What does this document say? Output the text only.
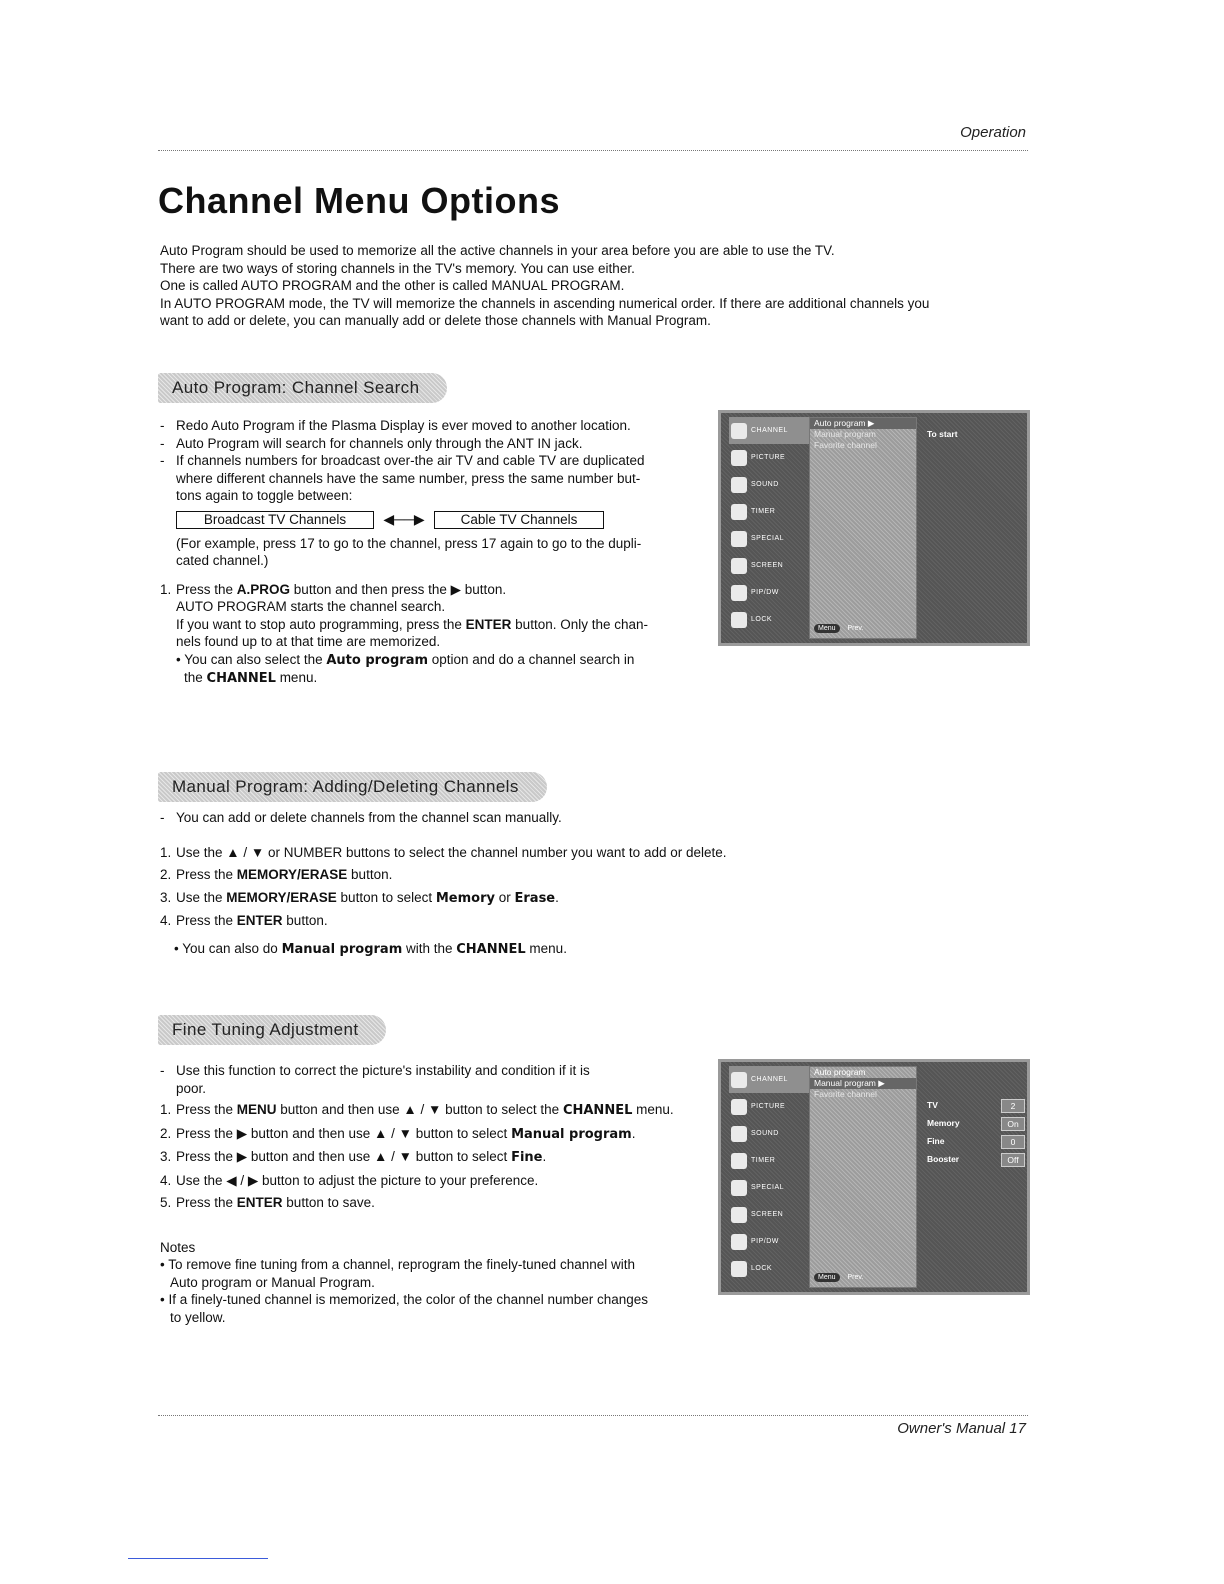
Operation
Channel Menu Options
Auto Program should be used to memorize all the active channels in your area before you are able to use the TV.
There are two ways of storing channels in the TV's memory. You can use either.
One is called AUTO PROGRAM and the other is called MANUAL PROGRAM.
In AUTO PROGRAM mode, the TV will memorize the channels in ascending numerical order. If there are additional channels you
want to add or delete, you can manually add or delete those channels with Manual Program.
Auto Program: Channel Search
- Redo Auto Program if the Plasma Display is ever moved to another location.
- Auto Program will search for channels only through the ANT IN jack.
- If channels numbers for broadcast over-the air TV and cable TV are duplicated
where different channels have the same number, press the same number but-
tons again to toggle between:
Broadcast TV Channels	◀──▶	Cable TV Channels
(For example, press 17 to go to the channel, press 17 again to go to the dupli-
cated channel.)
1. Press the A.PROG button and then press the ▶ button.
AUTO PROGRAM starts the channel search.
If you want to stop auto programming, press the ENTER button. Only the chan-
nels found up to at that time are memorized.
• You can also select the Auto program option and do a channel search in
the CHANNEL menu.
CHANNEL
PICTURE
SOUND
TIMER
SPECIAL
SCREEN
PIP/DW
LOCK
Auto program ▶
Manual program
Favorite channel
Menu Prev.
To start
Manual Program: Adding/Deleting Channels
- You can add or delete channels from the channel scan manually.
1. Use the ▲ / ▼ or NUMBER buttons to select the channel number you want to add or delete.
2. Press the MEMORY/ERASE button.
3. Use the MEMORY/ERASE button to select Memory or Erase.
4. Press the ENTER button.
• You can also do Manual program with the CHANNEL menu.
Fine Tuning Adjustment
- Use this function to correct the picture's instability and condition if it is
poor.
1. Press the MENU button and then use ▲ / ▼ button to select the CHANNEL menu.
2. Press the ▶ button and then use ▲ / ▼ button to select Manual program.
3. Press the ▶ button and then use ▲ / ▼ button to select Fine.
4. Use the ◀ / ▶ button to adjust the picture to your preference.
5. Press the ENTER button to save.
Notes
• To remove fine tuning from a channel, reprogram the finely-tuned channel with
Auto program or Manual Program.
• If a finely-tuned channel is memorized, the color of the channel number changes
to yellow.
CHANNEL
PICTURE
SOUND
TIMER
SPECIAL
SCREEN
PIP/DW
LOCK
Auto program
Manual program ▶
Favorite channel
Menu Prev.
TV	2
Memory	On
Fine	0
Booster	Off
Owner's Manual 17
